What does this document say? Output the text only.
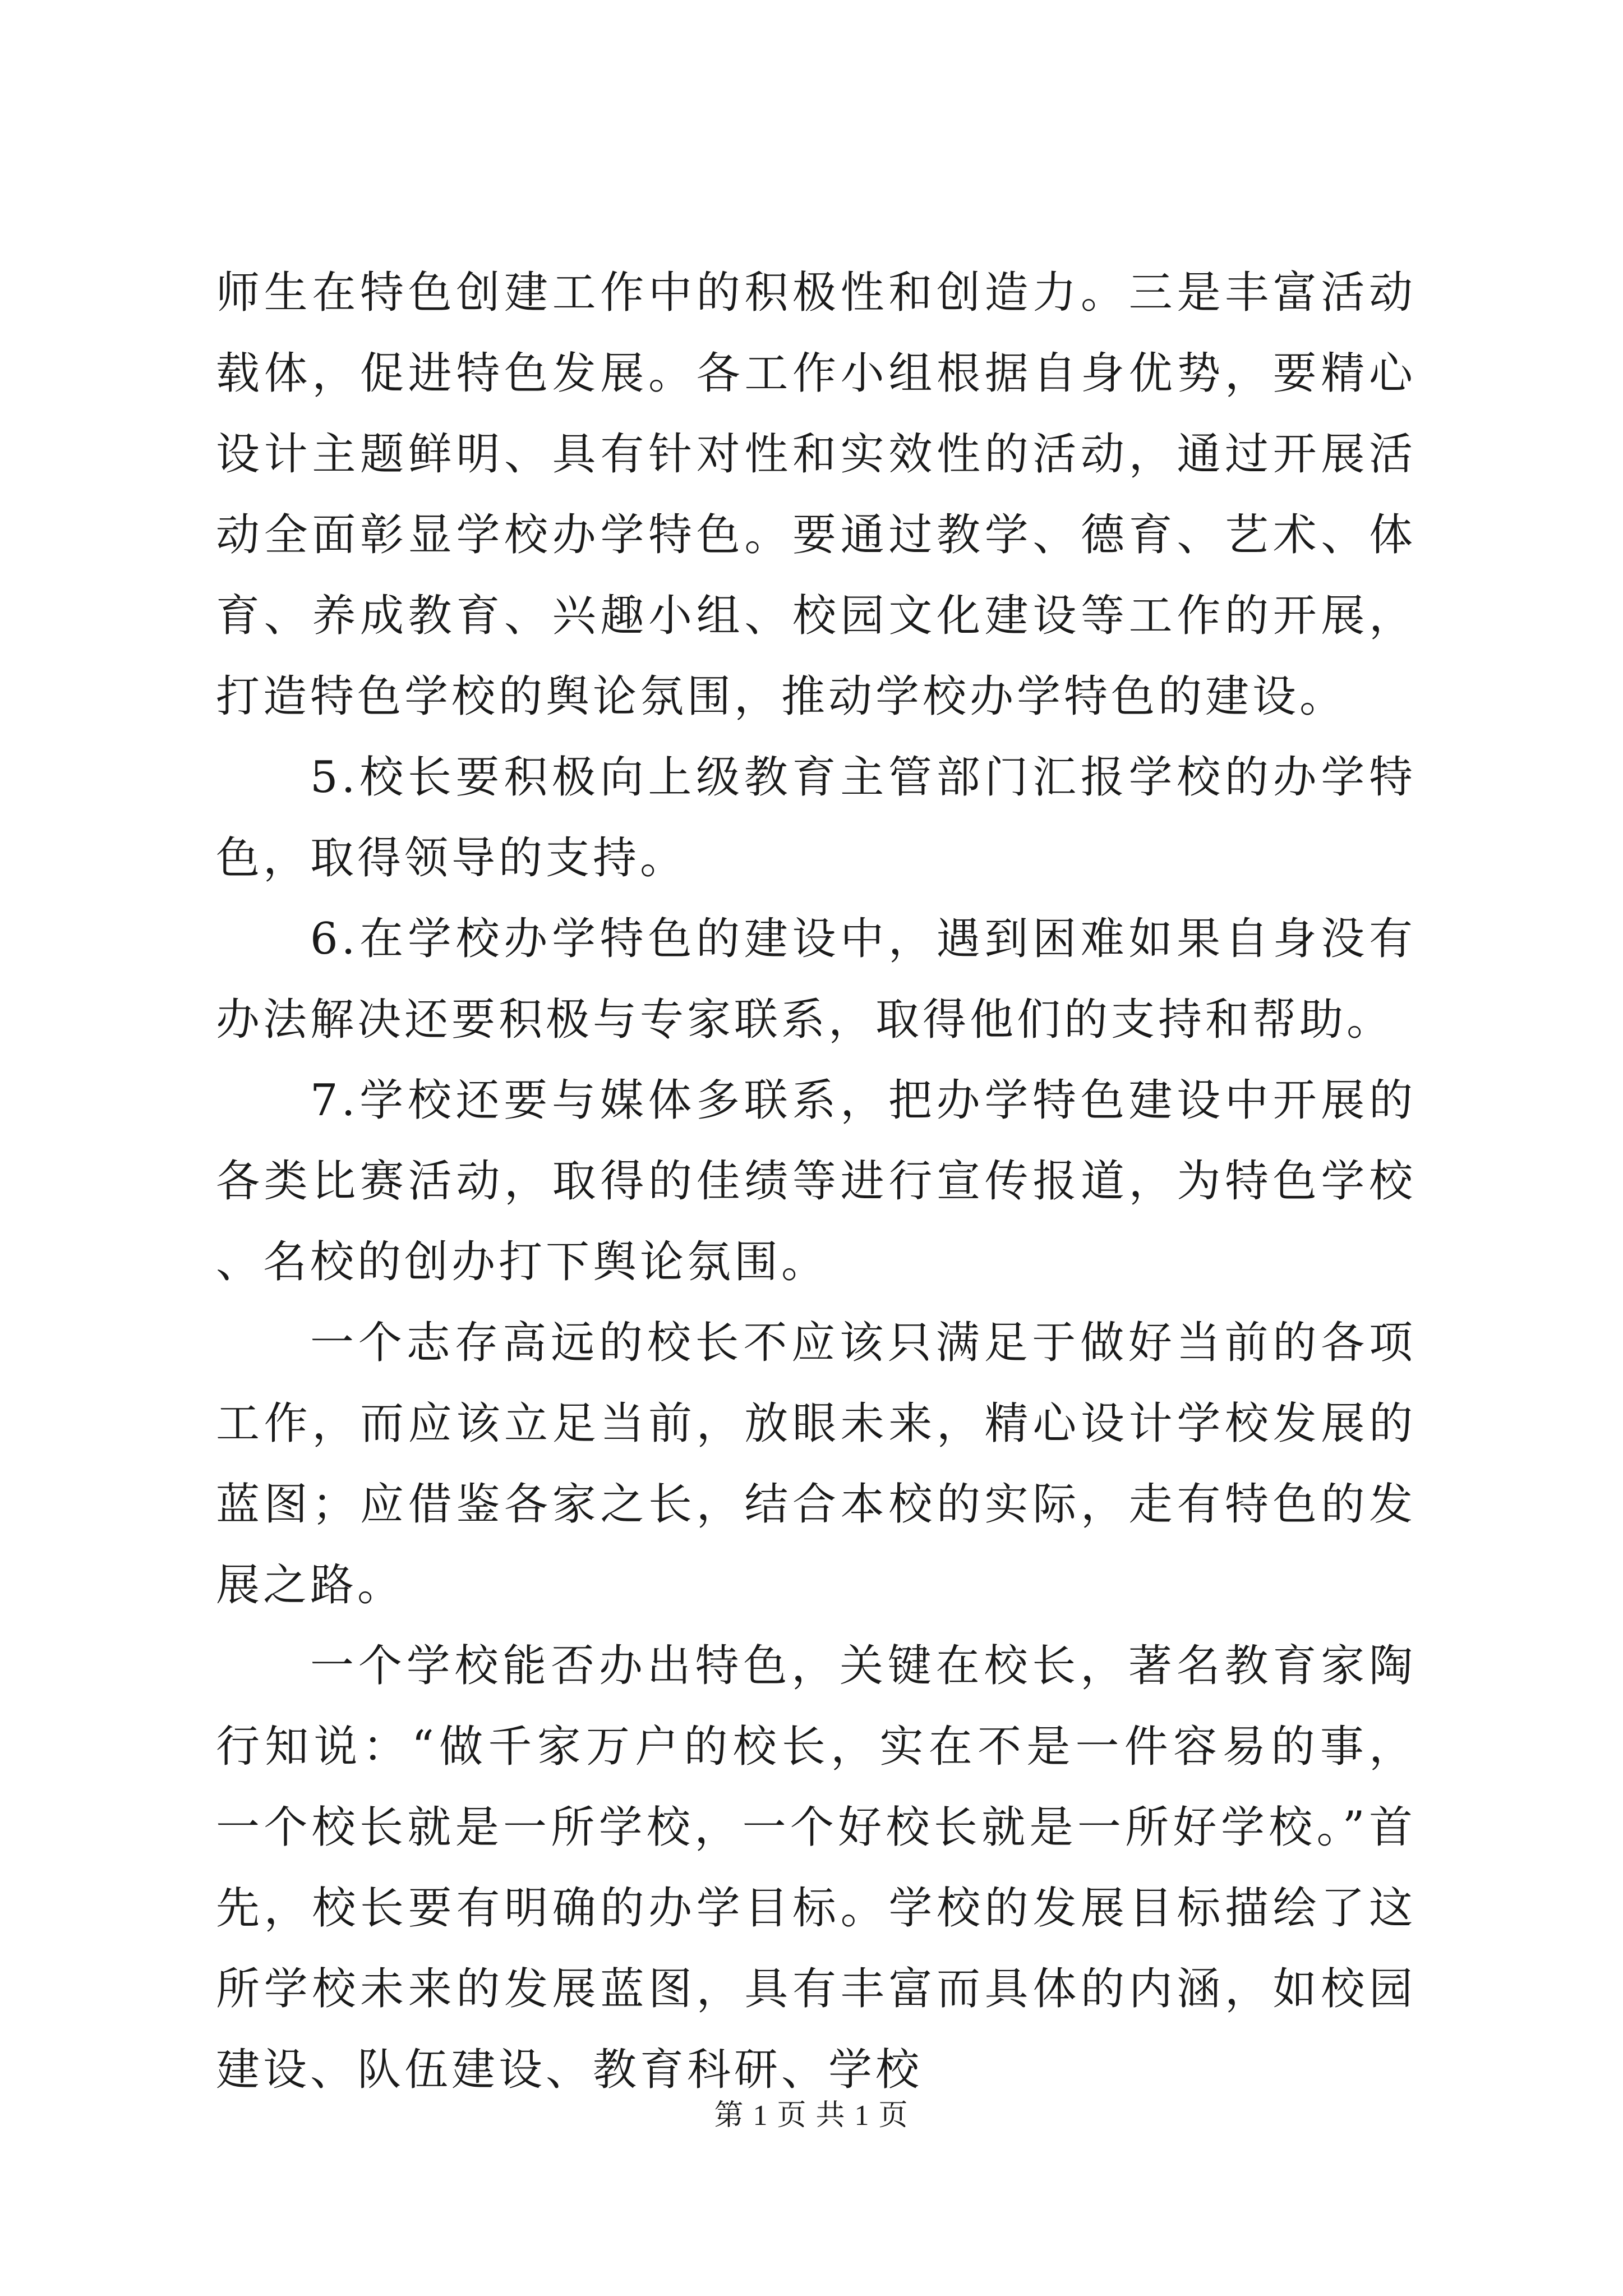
师生在特色创建工作中的积极性和创造力。三是丰富活动载体，促进特色发展。各工作小组根据自身优势，要精心设计主题鲜明、具有针对性和实效性的活动，通过开展活动全面彰显学校办学特色。要通过教学、德育、艺术、体育、养成教育、兴趣小组、校园文化建设等工作的开展，打造特色学校的舆论氛围，推动学校办学特色的建设。

5.校长要积极向上级教育主管部门汇报学校的办学特色，取得领导的支持。

6.在学校办学特色的建设中，遇到困难如果自身没有办法解决还要积极与专家联系，取得他们的支持和帮助。

7.学校还要与媒体多联系，把办学特色建设中开展的各类比赛活动，取得的佳绩等进行宣传报道，为特色学校、名校的创办打下舆论氛围。

一个志存高远的校长不应该只满足于做好当前的各项工作，而应该立足当前，放眼未来，精心设计学校发展的蓝图；应借鉴各家之长，结合本校的实际，走有特色的发展之路。

一个学校能否办出特色，关键在校长，著名教育家陶行知说：“做千家万户的校长，实在不是一件容易的事，一个校长就是一所学校，一个好校长就是一所好学校。”首先，校长要有明确的办学目标。学校的发展目标描绘了这所学校未来的发展蓝图，具有丰富而具体的内涵，如校园建设、队伍建设、教育科研、学校

第 1 页 共 1 页
